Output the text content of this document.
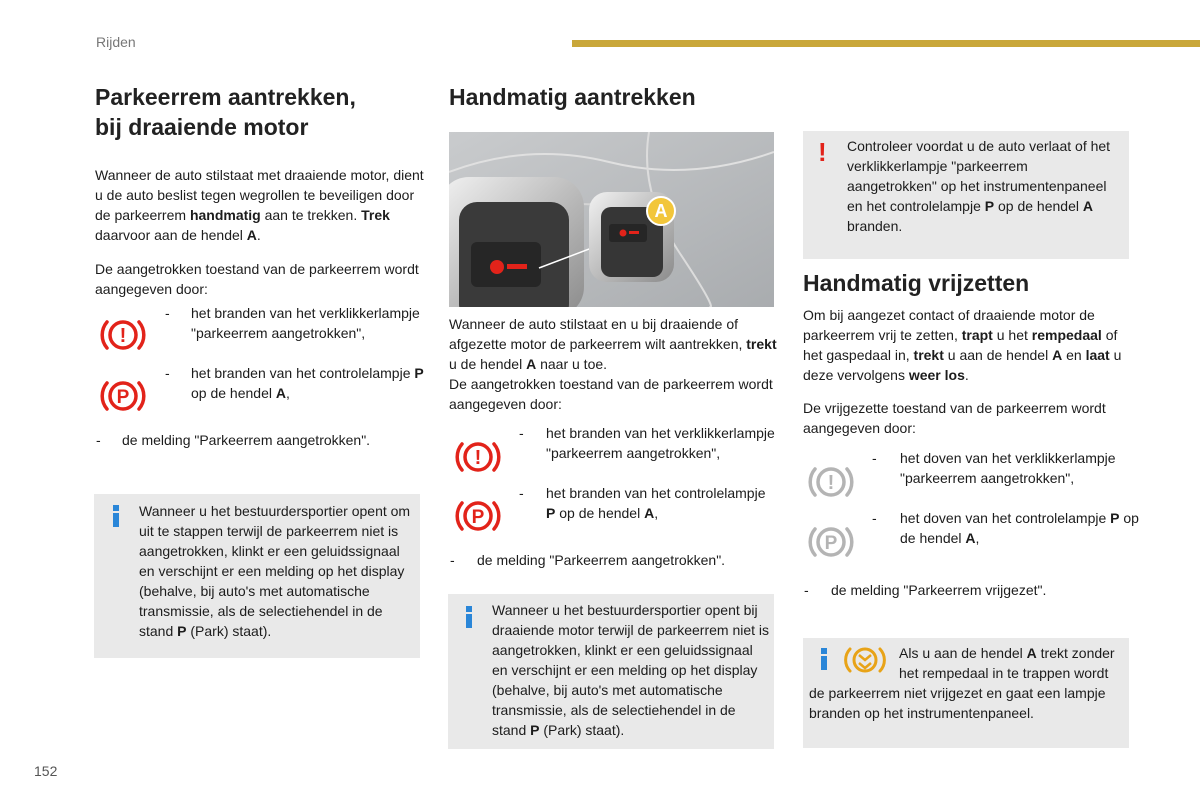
Rijden
152
Parkeerrem aantrekken,
bij draaiende motor

Wanneer de auto stilstaat met draaiende motor, dient u de auto beslist tegen wegrollen te beveiligen door de parkeerrem handmatig aan te trekken. Trek daarvoor aan de hendel A.

De aangetrokken toestand van de parkeerrem wordt aangegeven door:

!
P
- het branden van het verklikkerlampje "parkeerrem aangetrokken",
- het branden van het controlelampje P op de hendel A,
- de melding "Parkeerrem aangetrokken".
Wanneer u het bestuurdersportier opent om uit te stappen terwijl de parkeerrem niet is aangetrokken, klinkt er een geluidssignaal en verschijnt er een melding op het display (behalve, bij auto's met automatische transmissie, als de selectiehendel in de stand P (Park) staat).
Handmatig aantrekken
A

Wanneer de auto stilstaat en u bij draaiende of afgezette motor de parkeerrem wilt aantrekken, trekt u de hendel A naar u toe.

De aangetrokken toestand van de parkeerrem wordt aangegeven door:

!
P
- het branden van het verklikkerlampje "parkeerrem aangetrokken",
- het branden van het controlelampje P op de hendel A,
- de melding "Parkeerrem aangetrokken".
Wanneer u het bestuurdersportier opent bij draaiende motor terwijl de parkeerrem niet is aangetrokken, klinkt er een geluidssignaal en verschijnt er een melding op het display (behalve, bij auto's met automatische transmissie, als de selectiehendel in de stand P (Park) staat).
! Controleer voordat u de auto verlaat of het verklikkerlampje "parkeerrem aangetrokken" op het instrumentenpaneel en het controlelampje P op de hendel A branden.
Handmatig vrijzetten

Om bij aangezet contact of draaiende motor de parkeerrem vrij te zetten, trapt u het rempedaal of het gaspedaal in, trekt u aan de hendel A en laat u deze vervolgens weer los.

De vrijgezette toestand van de parkeerrem wordt aangegeven door:

!
P
- het doven van het verklikkerlampje "parkeerrem aangetrokken",
- het doven van het controlelampje P op de hendel A,
- de melding "Parkeerrem vrijgezet".
Als u aan de hendel A trekt zonder het rempedaal in te trappen wordt de parkeerrem niet vrijgezet en gaat een lampje branden op het instrumentenpaneel.
